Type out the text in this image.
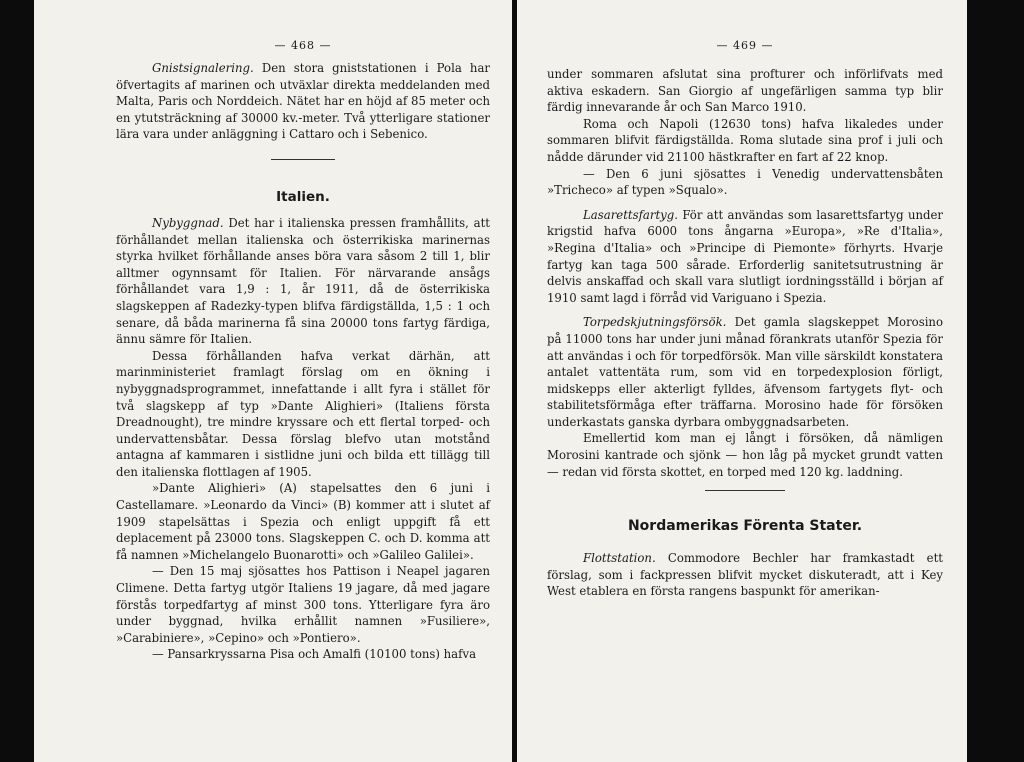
— 468 —

Gnistsignalering. Den stora gniststationen i Pola har öfvertagits af marinen och utväxlar direkta meddelanden med Malta, Paris och Norddeich. Nätet har en höjd af 85 meter och en ytutsträckning af 30000 kv.-meter. Två ytterligare stationer lära vara under anläggning i Cattaro och i Sebenico.

Italien.

Nybyggnad. Det har i italienska pressen framhållits, att förhållandet mellan italienska och österrikiska marinernas styrka hvilket förhållande anses böra vara såsom 2 till 1, blir alltmer ogynnsamt för Italien. För närvarande ansågs förhållandet vara 1,9 : 1, år 1911, då de österrikiska slagskeppen af Radezky-typen blifva färdigställda, 1,5 : 1 och senare, då båda marinerna få sina 20000 tons fartyg färdiga, ännu sämre för Italien.

Dessa förhållanden hafva verkat därhän, att marinministeriet framlagt förslag om en ökning i nybyggnadsprogrammet, innefattande i allt fyra i stället för två slagskepp af typ »Dante Alighieri» (Italiens första Dreadnought), tre mindre kryssare och ett flertal torped- och undervattensbåtar. Dessa förslag blefvo utan motstånd antagna af kammaren i sistlidne juni och bilda ett tillägg till den italienska flottlagen af 1905.

»Dante Alighieri» (A) stapelsattes den 6 juni i Castellamare. »Leonardo da Vinci» (B) kommer att i slutet af 1909 stapelsättas i Spezia och enligt uppgift få ett deplacement på 23000 tons. Slagskeppen C. och D. komma att få namnen »Michelangelo Buonarotti» och »Galileo Galilei».

— Den 15 maj sjösattes hos Pattison i Neapel jagaren Climene. Detta fartyg utgör Italiens 19 jagare, då med jagare förstås torpedfartyg af minst 300 tons. Ytterligare fyra äro under byggnad, hvilka erhållit namnen »Fusiliere», »Carabiniere», »Cepino» och »Pontiero».

— Pansarkryssarna Pisa och Amalfi (10100 tons) hafva

— 469 —

under sommaren afslutat sina profturer och införlifvats med aktiva eskadern. San Giorgio af ungefärligen samma typ blir färdig innevarande år och San Marco 1910.

Roma och Napoli (12630 tons) hafva likaledes under sommaren blifvit färdigställda. Roma slutade sina prof i juli och nådde därunder vid 21100 hästkrafter en fart af 22 knop.

— Den 6 juni sjösattes i Venedig undervattensbåten »Tricheco» af typen »Squalo».

Lasarettsfartyg. För att användas som lasarettsfartyg under krigstid hafva 6000 tons ångarna »Europa», »Re d'Italia», »Regina d'Italia» och »Principe di Piemonte» förhyrts. Hvarje fartyg kan taga 500 sårade. Erforderlig sanitetsutrustning är delvis anskaffad och skall vara slutligt iordningsställd i början af 1910 samt lagd i förråd vid Variguano i Spezia.

Torpedskjutningsförsök. Det gamla slagskeppet Morosino på 11000 tons har under juni månad förankrats utanför Spezia för att användas i och för torpedförsök. Man ville särskildt konstatera antalet vattentäta rum, som vid en torpedexplosion förligt, midskepps eller akterligt fylldes, äfvensom fartygets flyt- och stabilitetsförmåga efter träffarna. Morosino hade för försöken underkastats ganska dyrbara ombyggnadsarbeten.

Emellertid kom man ej långt i försöken, då nämligen Morosini kantrade och sjönk — hon låg på mycket grundt vatten — redan vid första skottet, en torped med 120 kg. laddning.

Nordamerikas Förenta Stater.

Flottstation. Commodore Bechler har framkastadt ett förslag, som i fackpressen blifvit mycket diskuteradt, att i Key West etablera en första rangens baspunkt för amerikan-
